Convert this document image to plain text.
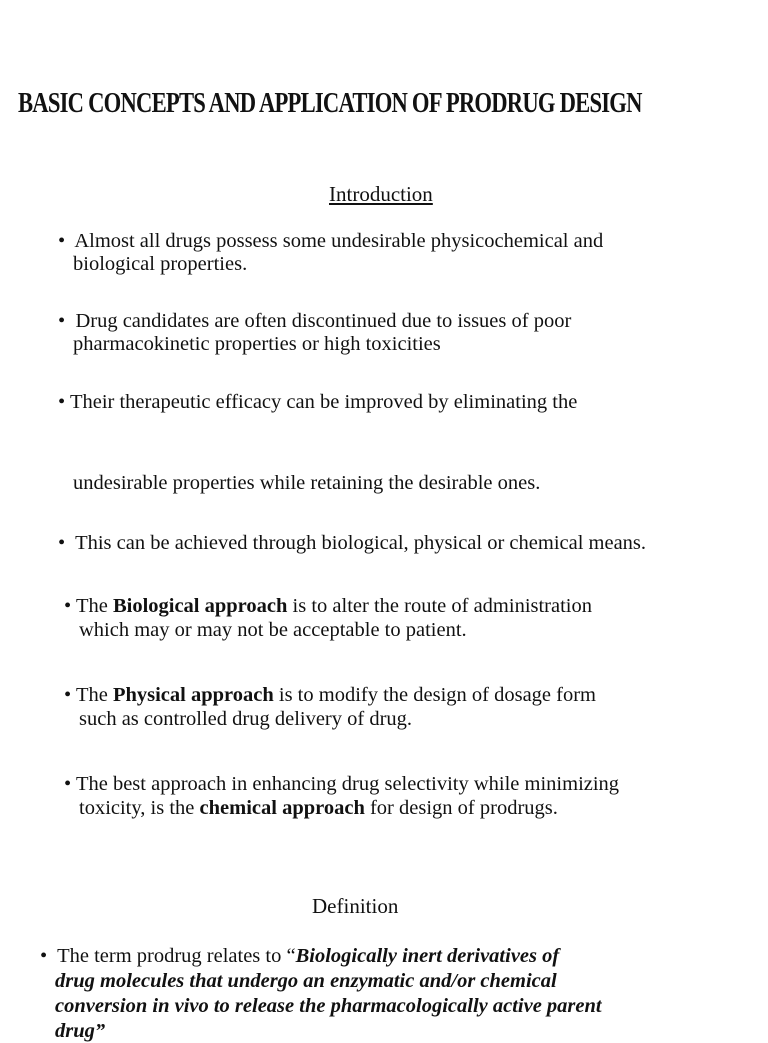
BASIC CONCEPTS AND APPLICATION OF PRODRUG DESIGN
Introduction
• Almost all drugs possess some undesirable physicochemical and
biological properties.
• Drug candidates are often discontinued due to issues of poor
pharmacokinetic properties or high toxicities
• Their therapeutic efficacy can be improved by eliminating the
undesirable properties while retaining the desirable ones.
• This can be achieved through biological, physical or chemical means.
• The Biological approach is to alter the route of administration
which may or may not be acceptable to patient.
• The Physical approach is to modify the design of dosage form
such as controlled drug delivery of drug.
• The best approach in enhancing drug selectivity while minimizing
toxicity, is the chemical approach for design of prodrugs.
Definition
• The term prodrug relates to “Biologically inert derivatives of
drug molecules that undergo an enzymatic and/or chemical
conversion in vivo to release the pharmacologically active parent
drug”
